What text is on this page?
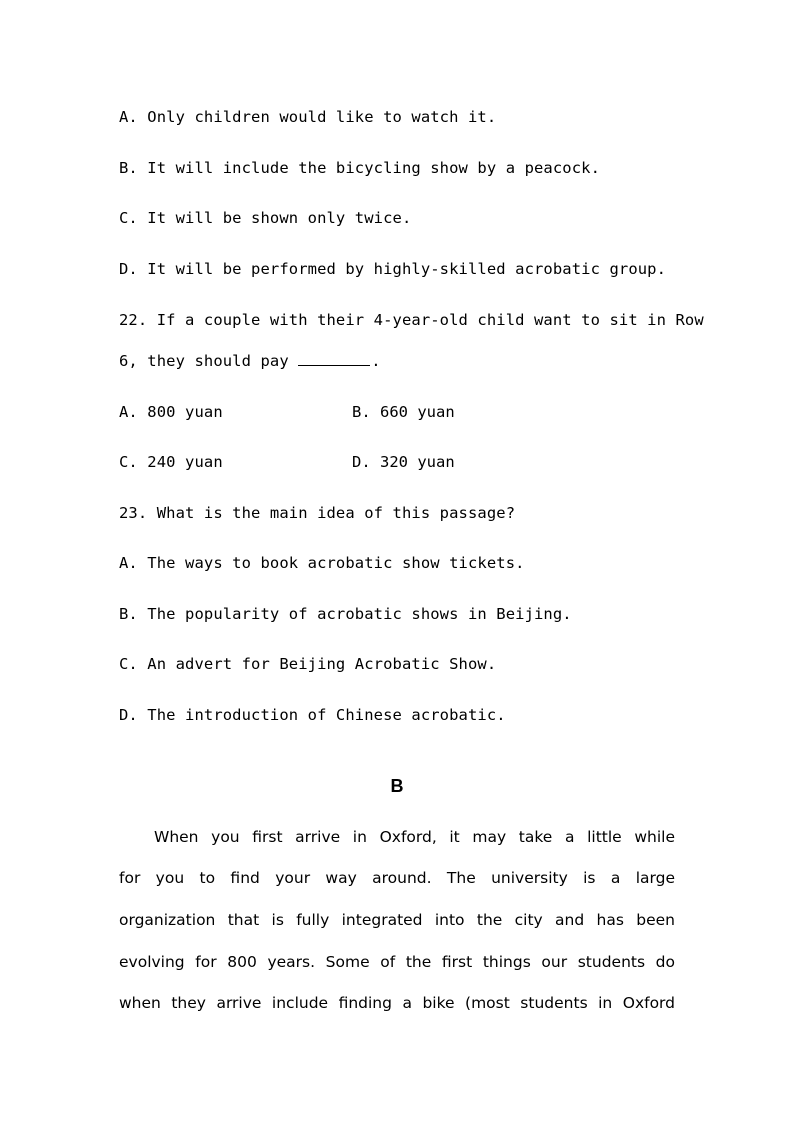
A. Only children would like to watch it.
B. It will include the bicycling show by a peacock.
C. It will be shown only twice.
D. It will be performed by highly-skilled acrobatic group.
22. If a couple with their 4-year-old child want to sit in Row
6, they should pay	.
A. 800 yuan	B. 660 yuan
C. 240 yuan	D. 320 yuan
23. What is the main idea of this passage?
A. The ways to book acrobatic show tickets.
B. The popularity of acrobatic shows in Beijing.
C. An advert for Beijing Acrobatic Show.
D. The introduction of Chinese acrobatic.
B
When you first arrive in Oxford, it may take a little while
for you to find your way around. The university is a large
organization that is fully integrated into the city and has been
evolving for 800 years. Some of the first things our students do
when they arrive include finding a bike (most students in Oxford
